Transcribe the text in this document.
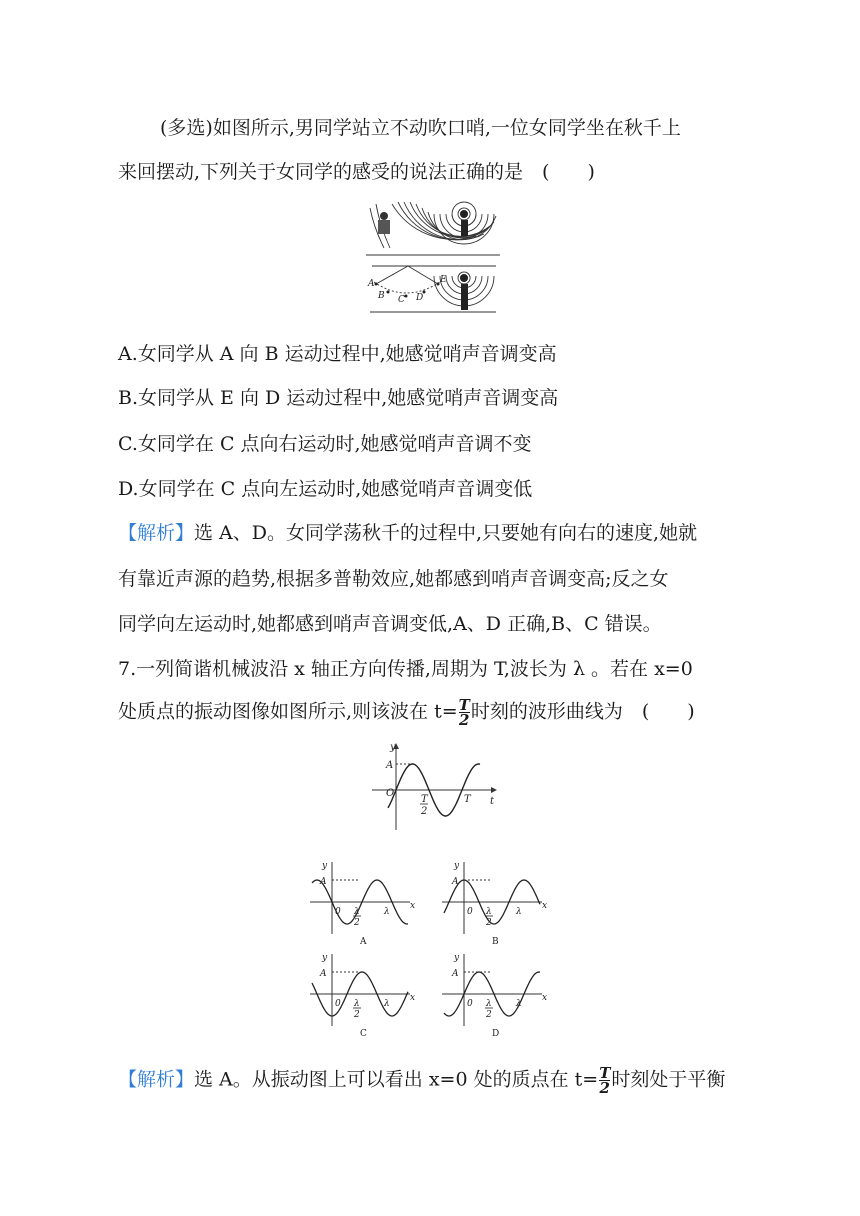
(多选)如图所示,男同学站立不动吹口哨,一位女同学坐在秋千上
来回摆动,下列关于女同学的感受的说法正确的是　(　　)
A
B C D
E
A.女同学从 A 向 B 运动过程中,她感觉哨声音调变高
B.女同学从 E 向 D 运动过程中,她感觉哨声音调变高
C.女同学在 C 点向右运动时,她感觉哨声音调不变
D.女同学在 C 点向左运动时,她感觉哨声音调变低
【解析】选 A、D。女同学荡秋千的过程中,只要她有向右的速度,她就
有靠近声源的趋势,根据多普勒效应,她都感到哨声音调变高;反之女
同学向左运动时,她都感到哨声音调变低,A、D 正确,B、C 错误。
7.一列简谐机械波沿 x 轴正方向传播,周期为 T,波长为 λ 。若在 x=0
处质点的振动图像如图所示,则该波在 $t= \frac{T}{2}$ 时刻的波形曲线为　(　　)
y
t
A
O
T
2
T
y
x
A
0 λ
2
λ
A
y
x
A
0 λ
2
λ
B
y
x
A
0 λ
2
λ
C
y
x
A
0 λ
2
λ
D
【解析】选 A。从振动图上可以看出 x=0 处的质点在 $t= \frac{T}{2}$ 时刻处于平衡
